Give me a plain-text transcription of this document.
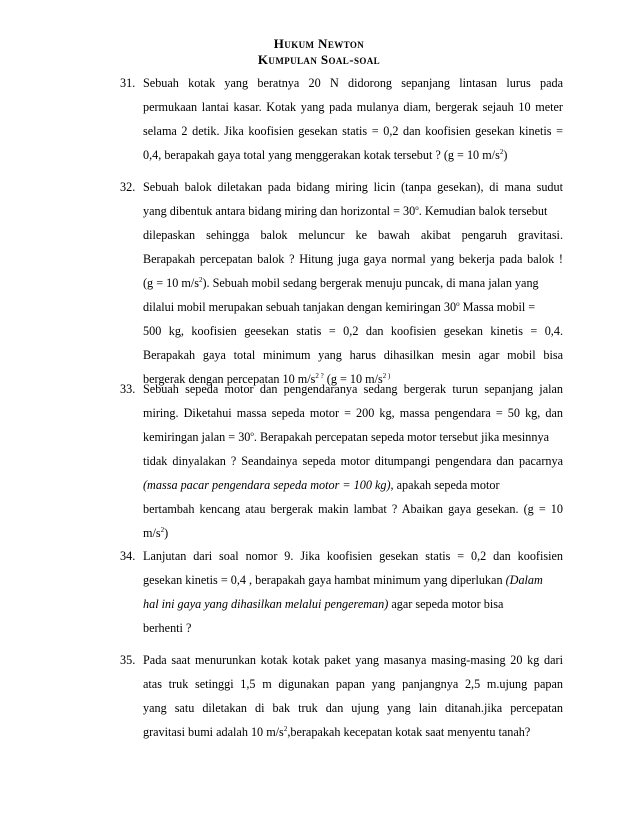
Hukum Newton
Kumpulan Soal-soal
31. Sebuah kotak yang beratnya 20 N didorong sepanjang lintasan lurus pada
permukaan lantai kasar. Kotak yang pada mulanya diam, bergerak sejauh 10 meter
selama 2 detik. Jika koofisien gesekan statis = 0,2 dan koofisien gesekan kinetis =
0,4, berapakah gaya total yang menggerakan kotak tersebut ? (g = 10 $m/s^2$)
32. Sebuah balok diletakan pada bidang miring licin (tanpa gesekan), di mana sudut
yang dibentuk antara bidang miring dan horizontal = $30^o$. Kemudian balok tersebut
dilepaskan sehingga balok meluncur ke bawah akibat pengaruh gravitasi.
Berapakah percepatan balok ? Hitung juga gaya normal yang bekerja pada balok !
(g = 10 $m/s^2$). Sebuah mobil sedang bergerak menuju puncak, di mana jalan yang
dilalui mobil merupakan sebuah tanjakan dengan kemiringan 30$^o$ Massa mobil =
500 kg, koofisien geesekan statis = 0,2 dan koofisien gesekan kinetis = 0,4.
Berapakah gaya total minimum yang harus dihasilkan mesin agar mobil bisa
bergerak dengan percepatan 10 $m/s^{2 ?}$ (g = 10 $m/s^{2 )}$
33. Sebuah sepeda motor dan pengendaranya sedang bergerak turun sepanjang jalan
miring. Diketahui massa sepeda motor = 200 kg, massa pengendara = 50 kg, dan
kemiringan jalan = $30^o$. Berapakah percepatan sepeda motor tersebut jika mesinnya
tidak dinyalakan ? Seandainya sepeda motor ditumpangi pengendara dan pacarnya
(massa pacar pengendara sepeda motor = 100 kg), apakah sepeda motor
bertambah kencang atau bergerak makin lambat ? Abaikan gaya gesekan. (g = 10
$m/s^2$)
34. Lanjutan dari soal nomor 9. Jika koofisien gesekan statis = 0,2 dan koofisien
gesekan kinetis = 0,4 , berapakah gaya hambat minimum yang diperlukan (Dalam
hal ini gaya yang dihasilkan melalui pengereman) agar sepeda motor bisa
berhenti ?
35. Pada saat menurunkan kotak kotak paket yang masanya masing-masing 20 kg dari
atas truk setinggi 1,5 m digunakan papan yang panjangnya 2,5 m.ujung papan
yang satu diletakan di bak truk dan ujung yang lain ditanah.jika percepatan
gravitasi bumi adalah 10 $m/s^2,berapakah$ kecepatan kotak saat menyentu tanah?
